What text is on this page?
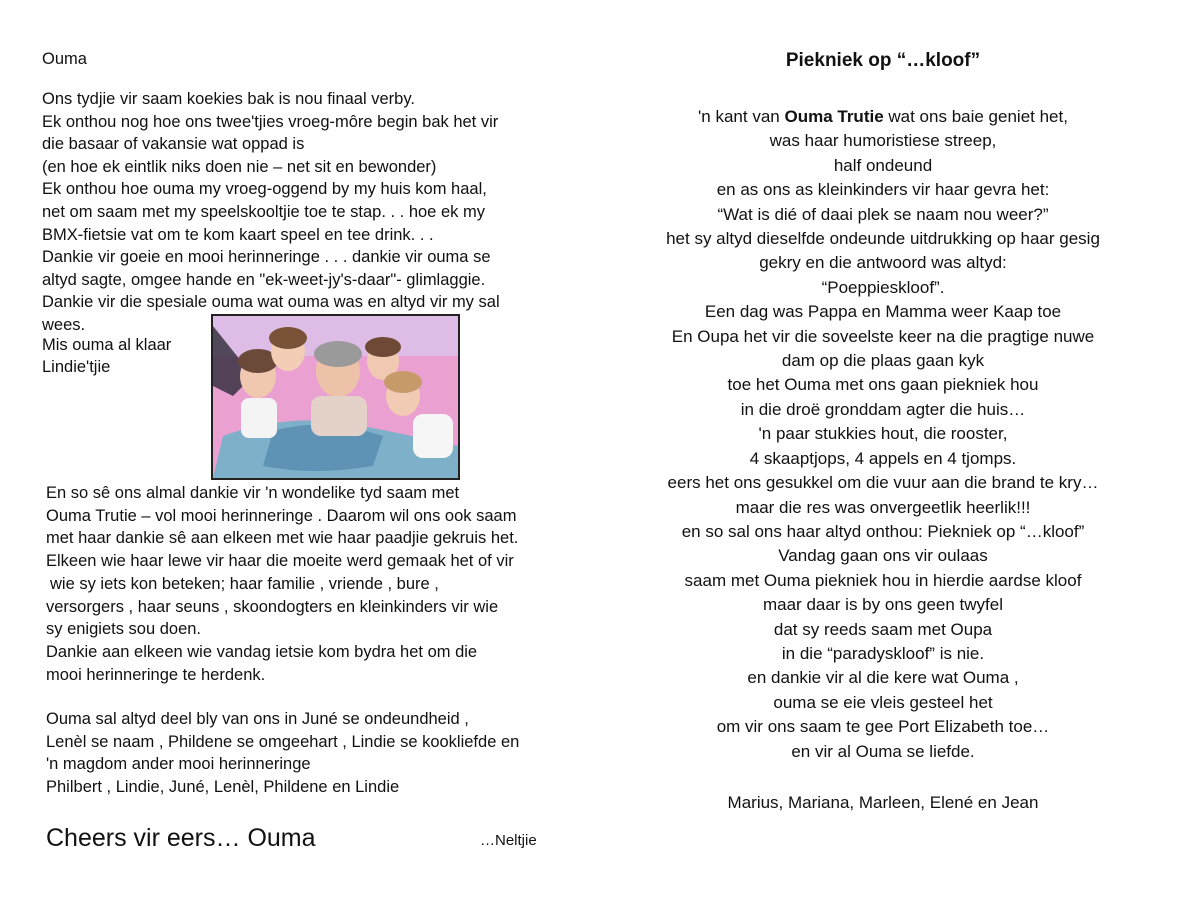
Ouma
Ons tydjie vir saam koekies bak is nou finaal verby.
Ek onthou nog hoe ons twee'tjies vroeg-môre begin bak het vir
die basaar of vakansie wat oppad is
(en hoe ek eintlik niks doen nie – net sit en bewonder)
Ek onthou hoe ouma my vroeg-oggend by my huis kom haal,
net om saam met my speelskooltjie toe te stap. . . hoe ek my
BMX-fietsie vat om te kom kaart speel en tee drink. . .
Dankie vir goeie en mooi herinneringe . . . dankie vir ouma se
altyd sagte, omgee hande en "ek-weet-jy's-daar"- glimlaggie.
Dankie vir die spesiale ouma wat ouma was en altyd vir my sal
wees.
Mis ouma al klaar
Lindie'tjie
En so sê ons almal dankie vir 'n wondelike tyd saam met
Ouma Trutie – vol mooi herinneringe . Daarom wil ons ook saam
met haar dankie sê aan elkeen met wie haar paadjie gekruis het.
Elkeen wie haar lewe vir haar die moeite werd gemaak het of vir
wie sy iets kon beteken; haar familie , vriende , bure ,
versorgers , haar seuns , skoondogters en kleinkinders vir wie
sy enigiets sou doen.
Dankie aan elkeen wie vandag ietsie kom bydra het om die
mooi herinneringe te herdenk.
Ouma sal altyd deel bly van ons in Juné se ondeundheid ,
Lenèl se naam , Phildene se omgeehart , Lindie se kookliefde en
'n magdom ander mooi herinneringe
Philbert , Lindie, Juné, Lenèl, Phildene en Lindie
Cheers vir eers… Ouma	…Neltjie
Piekniek op “…kloof”
'n kant van Ouma Trutie wat ons baie geniet het,
was haar humoristiese streep,
half ondeund
en as ons as kleinkinders vir haar gevra het:
“Wat is dié of daai plek se naam nou weer?”
het sy altyd dieselfde ondeunde uitdrukking op haar gesig
gekry en die antwoord was altyd:
“Poeppieskloof”.
Een dag was Pappa en Mamma weer Kaap toe
En Oupa het vir die soveelste keer na die pragtige nuwe
dam op die plaas gaan kyk
toe het Ouma met ons gaan piekniek hou
in die droë gronddam agter die huis…
'n paar stukkies hout, die rooster,
4 skaaptjops, 4 appels en 4 tjomps.
eers het ons gesukkel om die vuur aan die brand te kry…
maar die res was onvergeetlik heerlik!!!
en so sal ons haar altyd onthou: Piekniek op “…kloof”
Vandag gaan ons vir oulaas
saam met Ouma piekniek hou in hierdie aardse kloof
maar daar is by ons geen twyfel
dat sy reeds saam met Oupa
in die “paradyskloof” is nie.
en dankie vir al die kere wat Ouma ,
ouma se eie vleis gesteel het
om vir ons saam te gee Port Elizabeth toe…
en vir al Ouma se liefde.
Marius, Mariana, Marleen, Elené en Jean
